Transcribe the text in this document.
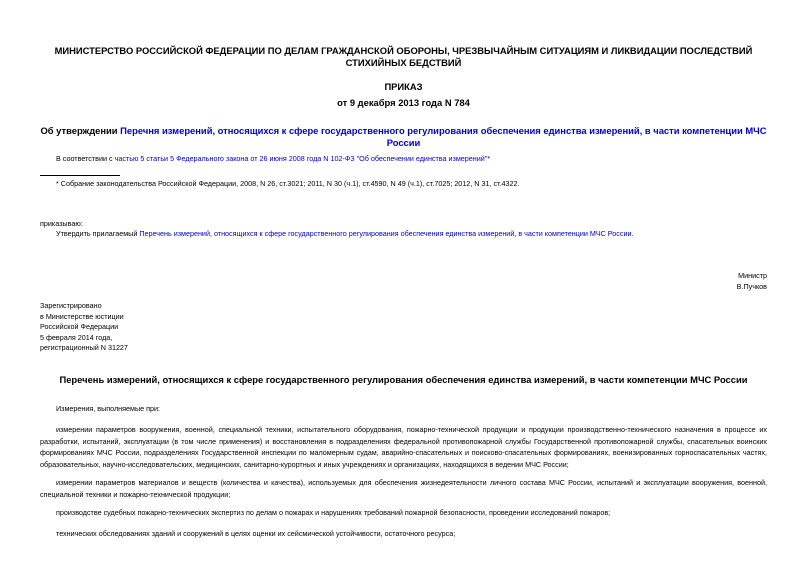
МИНИСТЕРСТВО РОССИЙСКОЙ ФЕДЕРАЦИИ ПО ДЕЛАМ ГРАЖДАНСКОЙ ОБОРОНЫ, ЧРЕЗВЫЧАЙНЫМ СИТУАЦИЯМ И ЛИКВИДАЦИИ ПОСЛЕДСТВИЙ СТИХИЙНЫХ БЕДСТВИЙ

ПРИКАЗ

от 9 декабря 2013 года N 784

Об утверждении Перечня измерений, относящихся к сфере государственного регулирования обеспечения единства измерений, в части компетенции МЧС России

В соответствии с частью 5 статьи 5 Федерального закона от 26 июня 2008 года N 102-ФЗ "Об обеспечении единства измерений"*

* Собрание законодательства Российской Федерации, 2008, N 26, ст.3021; 2011, N 30 (ч.1), ст.4590, N 49 (ч.1), ст.7025; 2012, N 31, ст.4322.

приказываю:

Утвердить прилагаемый Перечень измерений, относящихся к сфере государственного регулирования обеспечения единства измерений, в части компетенции МЧС России.

Министр

В.Пучков

Зарегистрировано
в Министерстве юстиции
Российской Федерации
5 февраля 2014 года,
регистрационный N 31227

Перечень измерений, относящихся к сфере государственного регулирования обеспечения единства измерений, в части компетенции МЧС России

Измерения, выполняемые при:

измерении параметров вооружения, военной, специальной техники, испытательного оборудования, пожарно-технической продукции и продукции производственно-технического назначения в процессе их разработки, испытаний, эксплуатации (в том числе применения) и восстановления в подразделениях федеральной противопожарной службы Государственной противопожарной службы, спасательных воинских формированиях МЧС России, подразделениях Государственной инспекции по маломерным судам, аварийно-спасательных и поисково-спасательных формированиях, военизированных горноспасательных частях, образовательных, научно-исследовательских, медицинских, санитарно-курортных и иных учреждениях и организациях, находящихся в ведении МЧС России;

измерении параметров материалов и веществ (количества и качества), используемых для обеспечения жизнедеятельности личного состава МЧС России, испытаний и эксплуатации вооружения, военной, специальной техники и пожарно-технической продукции;

производстве судебных пожарно-технических экспертиз по делам о пожарах и нарушениях требований пожарной безопасности, проведении исследований пожаров;

технических обследованиях зданий и сооружений в целях оценки их сейсмической устойчивости, остаточного ресурса;
